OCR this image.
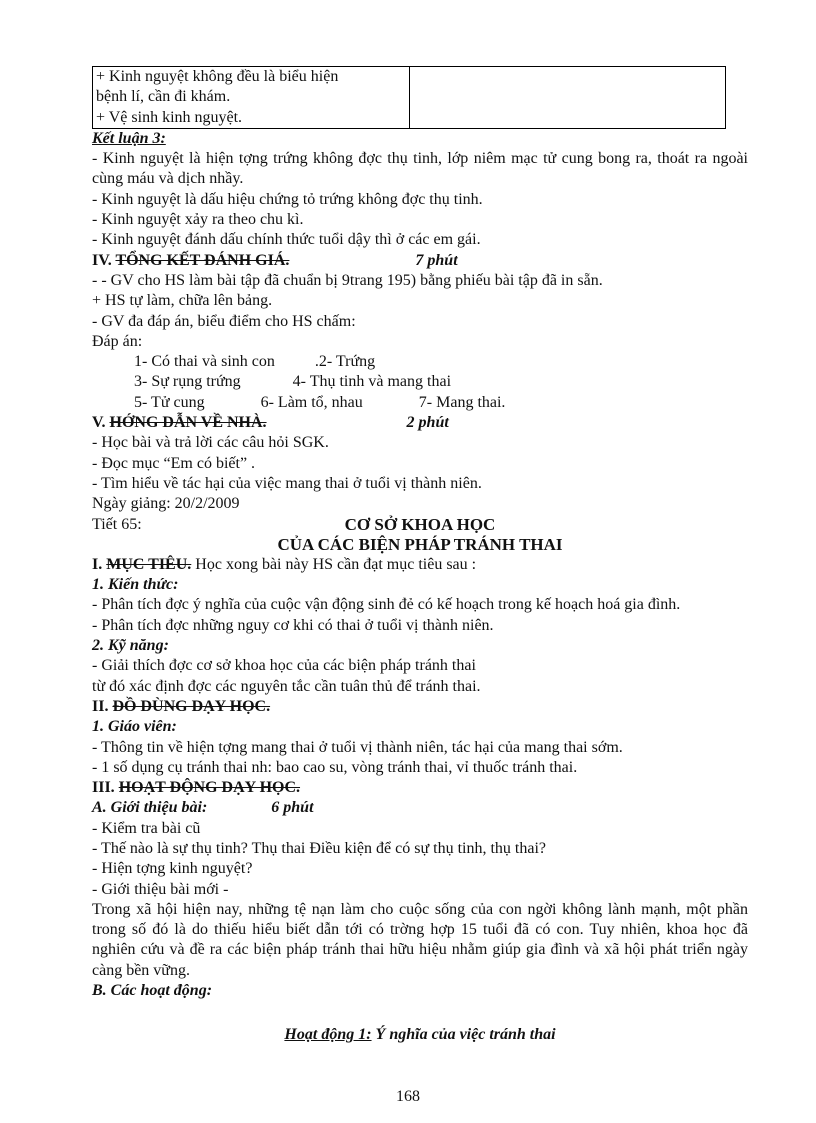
+ Kinh nguyệt không đều là biểu hiện
bệnh lí, cần đi khám.
+ Vệ sinh kinh nguyệt.

Kết luận 3:
- Kinh nguyệt là hiện tợng trứng không đợc thụ tinh, lớp niêm mạc tử cung bong ra, thoát ra ngoài cùng máu và dịch nhầy.
- Kinh nguyệt là dấu hiệu chứng tỏ trứng không đợc thụ tinh.
- Kinh nguyệt xảy ra theo chu kì.
- Kinh nguyệt đánh dấu chính thức tuổi dậy thì ở các em gái.
IV. TỔNG KẾT ĐÁNH GIÁ.	7 phút
- - GV cho HS làm bài tập đã chuẩn bị 9trang 195) bằng phiếu bài tập đã in sẵn.
+ HS tự làm, chữa lên bảng.
- GV đa đáp án, biểu điểm cho HS chấm:
Đáp án:
1- Có thai và sinh con          .2- Trứng
3- Sự rụng trứng             4- Thụ tinh và mang thai
5- Tử cung              6- Làm tổ, nhau              7- Mang thai.
V. HỚNG DẪN VỀ NHÀ.	2 phút
- Học bài và trả lời các câu hỏi SGK.
- Đọc mục “Em có biết” .
- Tìm hiểu về tác hại của việc mang thai ở tuổi vị thành niên.
Ngày giảng: 20/2/2009
Tiết 65:	CƠ SỞ KHOA HỌC
CỦA CÁC BIỆN PHÁP TRÁNH THAI
I. MỤC TIÊU. Học xong bài này HS cần đạt mục tiêu sau :
1. Kiến thức:
- Phân tích đợc ý nghĩa của cuộc vận động sinh đẻ có kế hoạch trong kế hoạch hoá gia đình.
- Phân tích đợc những nguy cơ khi có thai ở tuổi vị thành niên.
2. Kỹ năng:
- Giải thích đợc cơ sở khoa học của các biện pháp tránh thai
từ đó xác định đợc các nguyên tắc cần tuân thủ để tránh thai.
II. ĐỒ DÙNG DẠY HỌC.
1. Giáo viên:
- Thông tin về hiện tợng mang thai ở tuổi vị thành niên, tác hại của mang thai sớm.
- 1 số dụng cụ tránh thai nh: bao cao su, vòng tránh thai, vỉ thuốc tránh thai.
III. HOẠT ĐỘNG DẠY HỌC.
A. Giới thiệu bài:	6 phút
- Kiểm tra bài cũ
- Thế nào là sự thụ tinh? Thụ thai Điều kiện để có sự thụ tinh, thụ thai?
- Hiện tợng kinh nguyệt?
- Giới thiệu bài mới -
Trong xã hội hiện nay, những tệ nạn làm cho cuộc sống của con ngời không lành mạnh, một phần trong số đó là do thiếu hiểu biết dẫn tới có trờng hợp 15 tuổi đã có con. Tuy nhiên, khoa học đã nghiên cứu và đề ra các biện pháp tránh thai hữu hiệu nhằm giúp gia đình và xã hội phát triển ngày càng bền vững.
B. Các hoạt động:
Hoạt động 1: Ý nghĩa của việc tránh thai
168
